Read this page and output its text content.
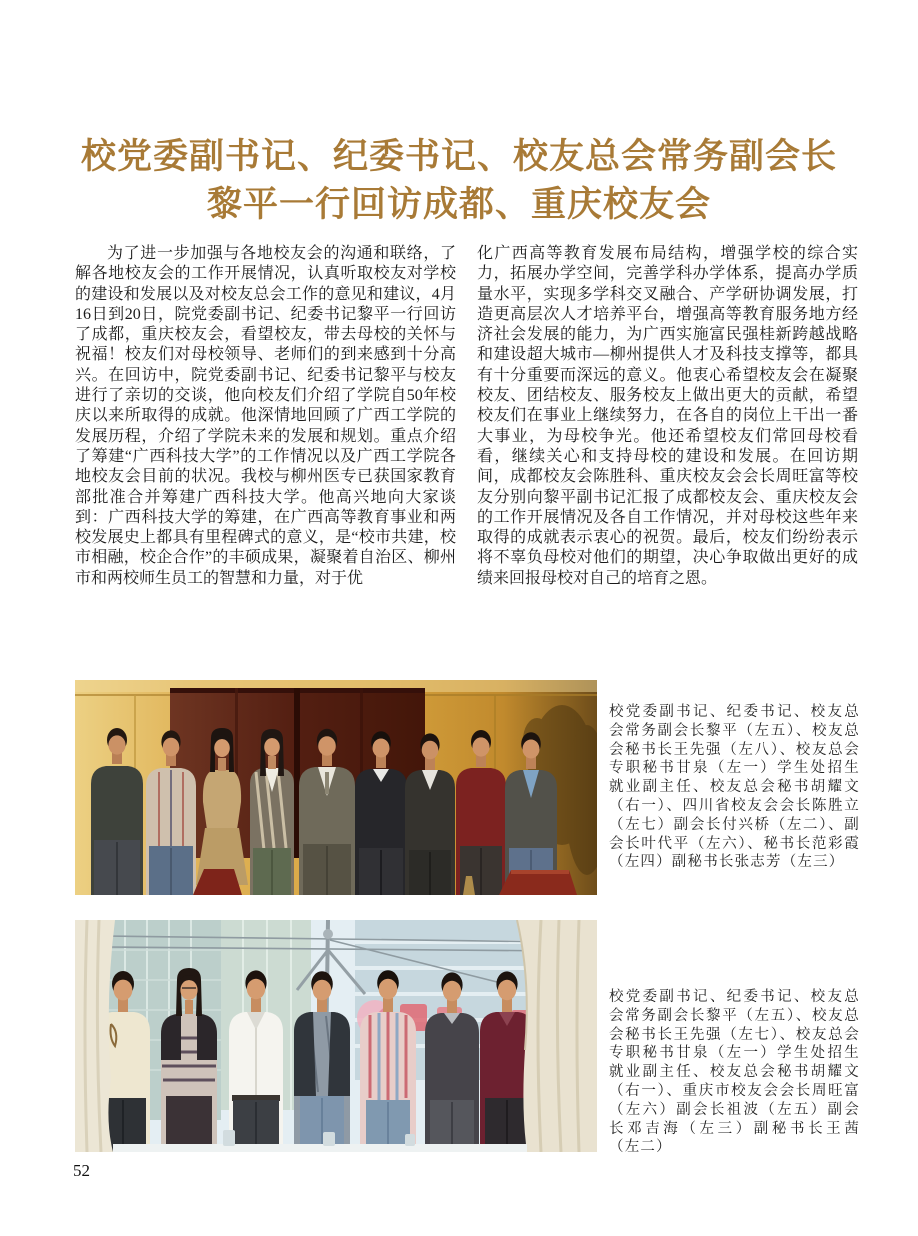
校党委副书记、纪委书记、校友总会常务副会长
黎平一行回访成都、重庆校友会

为了进一步加强与各地校友会的沟通和联络，了解各地校友会的工作开展情况，认真听取校友对学校的建设和发展以及对校友总会工作的意见和建议，4月16日到20日，院党委副书记、纪委书记黎平一行回访了成都，重庆校友会，看望校友，带去母校的关怀与祝福！校友们对母校领导、老师们的到来感到十分高兴。在回访中，院党委副书记、纪委书记黎平与校友进行了亲切的交谈，他向校友们介绍了学院自50年校庆以来所取得的成就。他深情地回顾了广西工学院的发展历程，介绍了学院未来的发展和规划。重点介绍了筹建“广西科技大学”的工作情况以及广西工学院各地校友会目前的状况。我校与柳州医专已获国家教育部批准合并筹建广西科技大学。他高兴地向大家谈到：广西科技大学的筹建，在广西高等教育事业和两校发展史上都具有里程碑式的意义，是“校市共建，校市相融，校企合作”的丰硕成果，凝聚着自治区、柳州市和两校师生员工的智慧和力量，对于优

化广西高等教育发展布局结构，增强学校的综合实力，拓展办学空间，完善学科办学体系，提高办学质量水平，实现多学科交叉融合、产学研协调发展，打造更高层次人才培养平台，增强高等教育服务地方经济社会发展的能力，为广西实施富民强桂新跨越战略和建设超大城市—柳州提供人才及科技支撑等，都具有十分重要而深远的意义。他衷心希望校友会在凝聚校友、团结校友、服务校友上做出更大的贡献，希望校友们在事业上继续努力，在各自的岗位上干出一番大事业，为母校争光。他还希望校友们常回母校看看，继续关心和支持母校的建设和发展。在回访期间，成都校友会陈胜科、重庆校友会会长周旺富等校友分别向黎平副书记汇报了成都校友会、重庆校友会的工作开展情况及各自工作情况，并对母校这些年来取得的成就表示衷心的祝贺。最后，校友们纷纷表示将不辜负母校对他们的期望，决心争取做出更好的成绩来回报母校对自己的培育之恩。

校党委副书记、纪委书记、校友总会常务副会长黎平（左五）、校友总会秘书长王先强（左八）、校友总会专职秘书甘泉（左一）学生处招生就业副主任、校友总会秘书胡耀文（右一）、四川省校友会会长陈胜立（左七）副会长付兴桥（左二）、副会长叶代平（左六）、秘书长范彩霞（左四）副秘书长张志芳（左三）
校党委副书记、纪委书记、校友总会常务副会长黎平（左五）、校友总会秘书长王先强（左七）、校友总会专职秘书甘泉（左一）学生处招生就业副主任、校友总会秘书胡耀文（右一）、重庆市校友会会长周旺富（左六）副会长祖波（左五）副会长邓吉海（左三）副秘书长王茜（左二）
52
